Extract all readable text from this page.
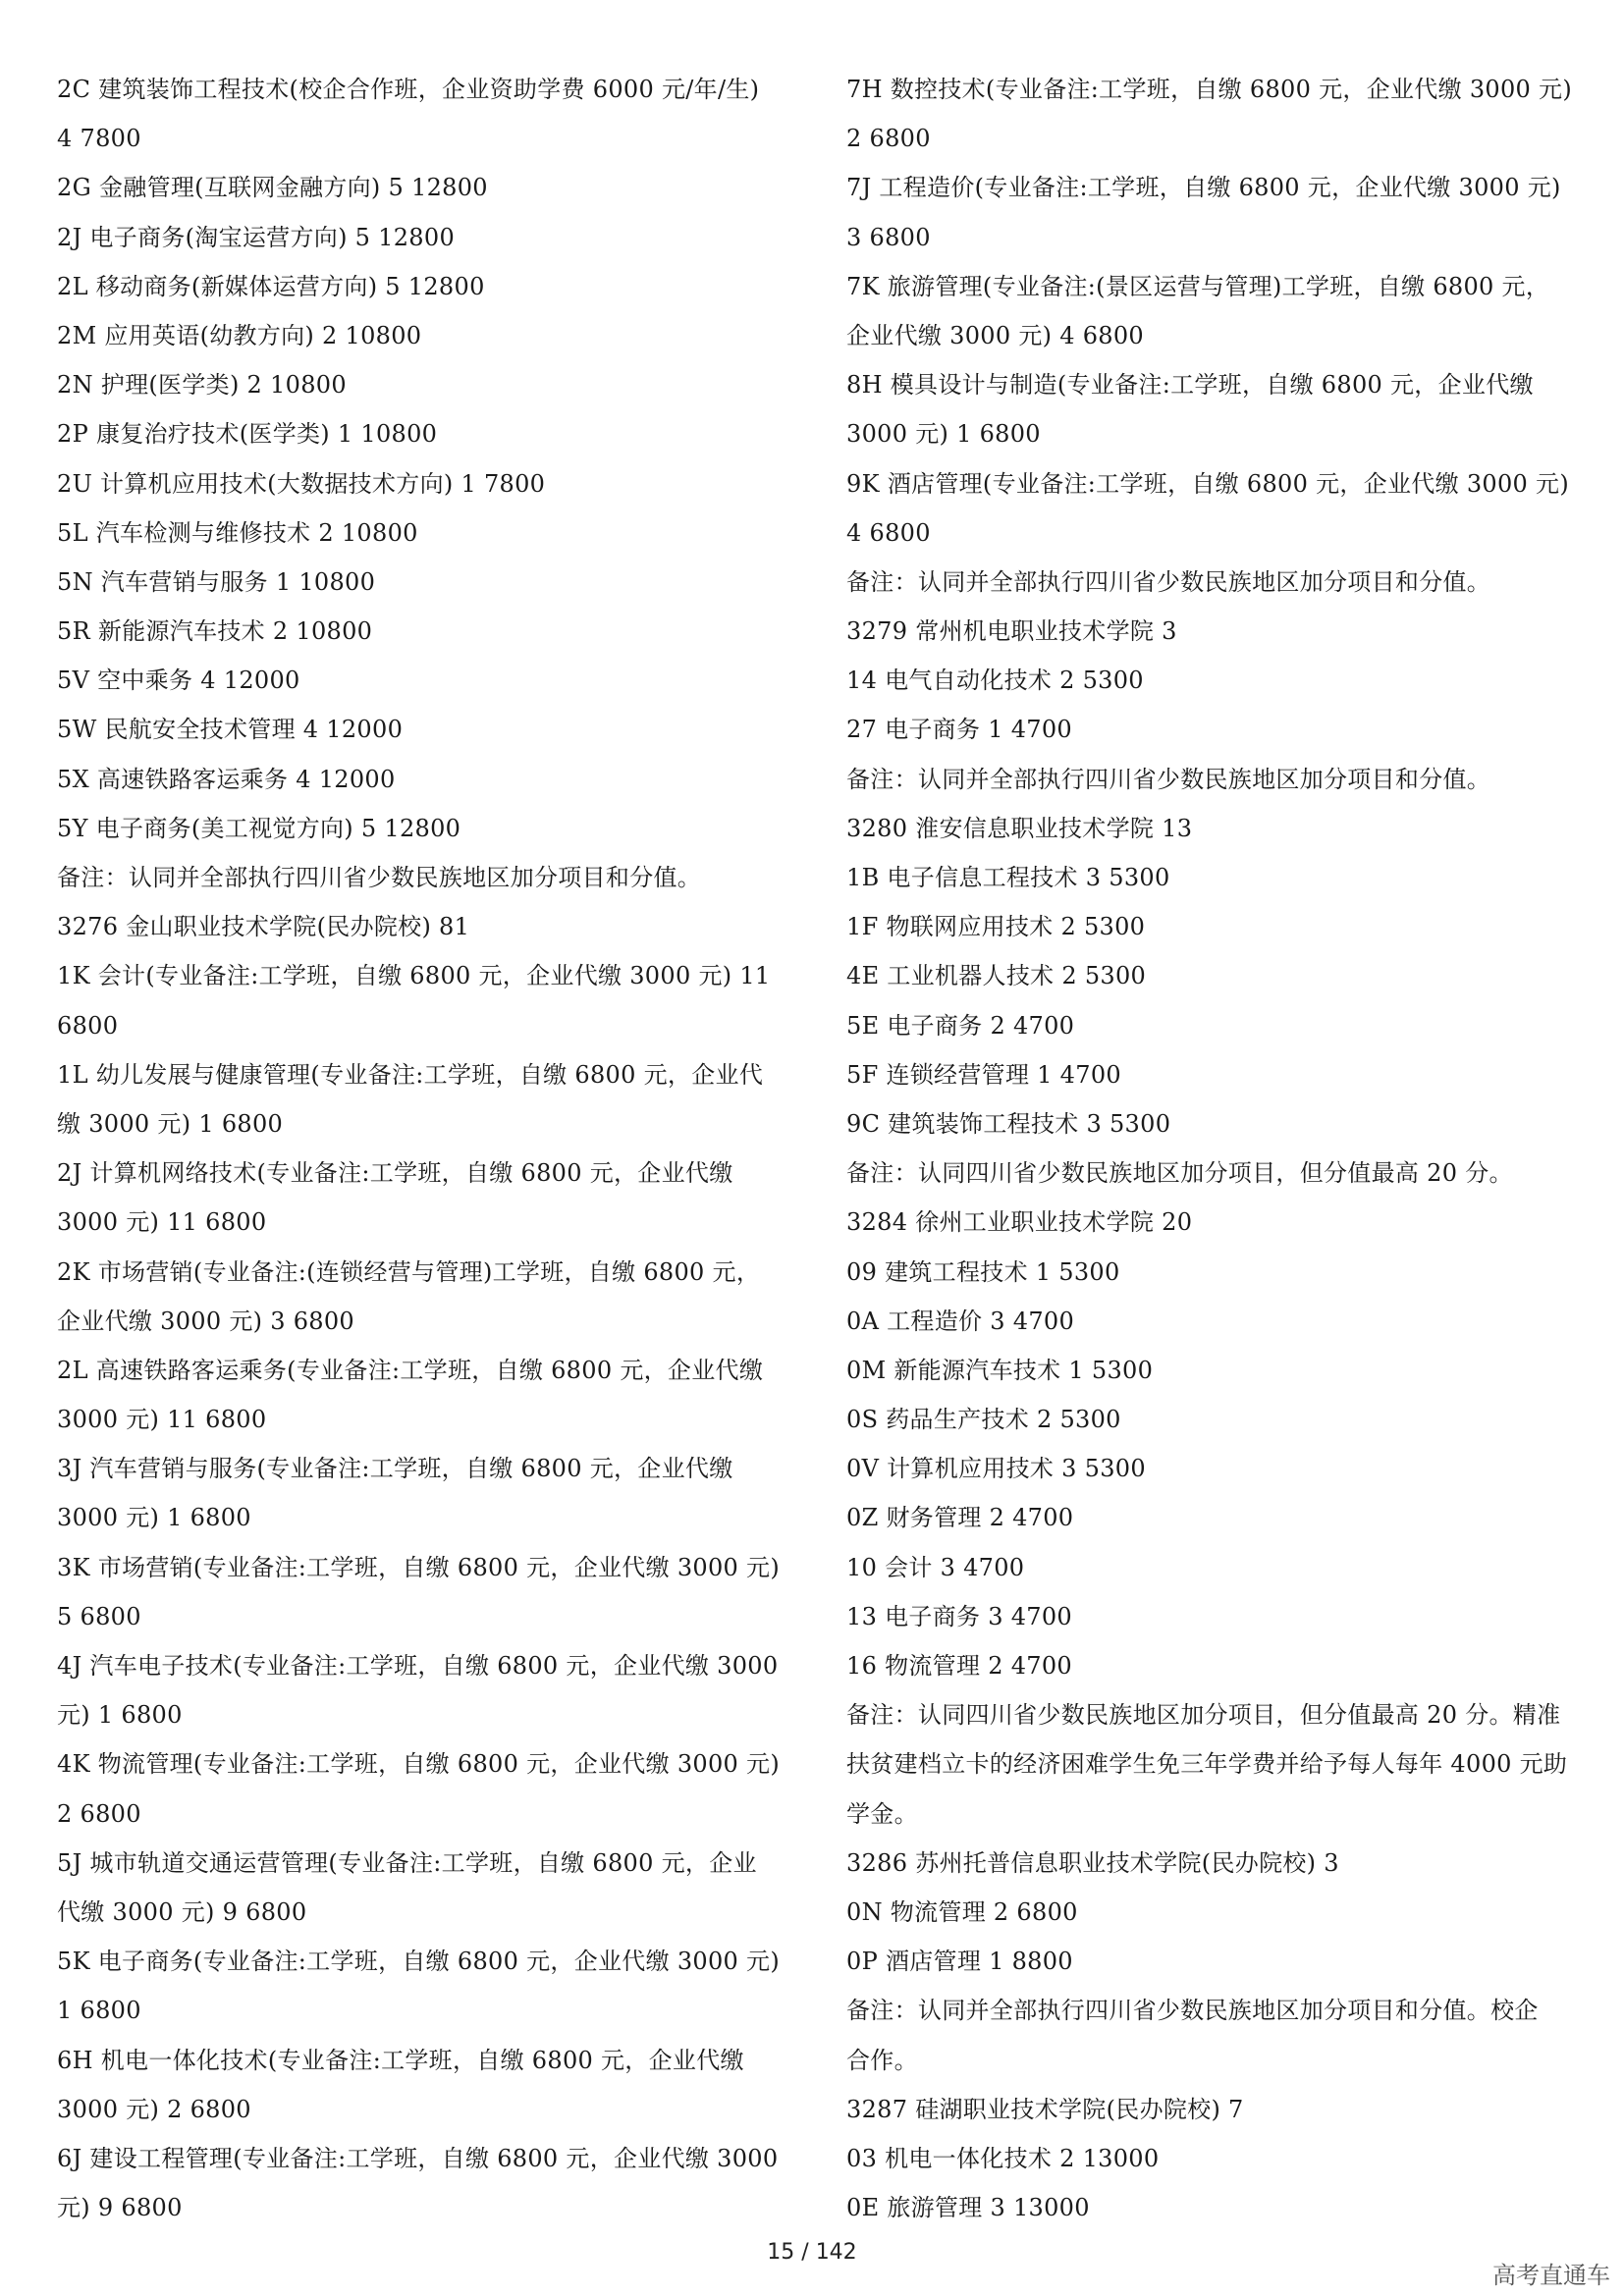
2C 建筑装饰工程技术(校企合作班，企业资助学费 6000 元/年/生)
4 7800
2G 金融管理(互联网金融方向) 5 12800
2J 电子商务(淘宝运营方向) 5 12800
2L 移动商务(新媒体运营方向) 5 12800
2M 应用英语(幼教方向) 2 10800
2N 护理(医学类) 2 10800
2P 康复治疗技术(医学类) 1 10800
2U 计算机应用技术(大数据技术方向) 1 7800
5L 汽车检测与维修技术 2 10800
5N 汽车营销与服务 1 10800
5R 新能源汽车技术 2 10800
5V 空中乘务 4 12000
5W 民航安全技术管理 4 12000
5X 高速铁路客运乘务 4 12000
5Y 电子商务(美工视觉方向) 5 12800
备注：认同并全部执行四川省少数民族地区加分项目和分值。
3276 金山职业技术学院(民办院校) 81
1K 会计(专业备注:工学班，自缴 6800 元，企业代缴 3000 元) 11
6800
1L 幼儿发展与健康管理(专业备注:工学班，自缴 6800 元，企业代
缴 3000 元) 1 6800
2J 计算机网络技术(专业备注:工学班，自缴 6800 元，企业代缴
3000 元) 11 6800
2K 市场营销(专业备注:(连锁经营与管理)工学班，自缴 6800 元，
企业代缴 3000 元) 3 6800
2L 高速铁路客运乘务(专业备注:工学班，自缴 6800 元，企业代缴
3000 元) 11 6800
3J 汽车营销与服务(专业备注:工学班，自缴 6800 元，企业代缴
3000 元) 1 6800
3K 市场营销(专业备注:工学班，自缴 6800 元，企业代缴 3000 元)
5 6800
4J 汽车电子技术(专业备注:工学班，自缴 6800 元，企业代缴 3000
元) 1 6800
4K 物流管理(专业备注:工学班，自缴 6800 元，企业代缴 3000 元)
2 6800
5J 城市轨道交通运营管理(专业备注:工学班，自缴 6800 元，企业
代缴 3000 元) 9 6800
5K 电子商务(专业备注:工学班，自缴 6800 元，企业代缴 3000 元)
1 6800
6H 机电一体化技术(专业备注:工学班，自缴 6800 元，企业代缴
3000 元) 2 6800
6J 建设工程管理(专业备注:工学班，自缴 6800 元，企业代缴 3000
元) 9 6800
7H 数控技术(专业备注:工学班，自缴 6800 元，企业代缴 3000 元)
2 6800
7J 工程造价(专业备注:工学班，自缴 6800 元，企业代缴 3000 元)
3 6800
7K 旅游管理(专业备注:(景区运营与管理)工学班，自缴 6800 元，
企业代缴 3000 元) 4 6800
8H 模具设计与制造(专业备注:工学班，自缴 6800 元，企业代缴
3000 元) 1 6800
9K 酒店管理(专业备注:工学班，自缴 6800 元，企业代缴 3000 元)
4 6800
备注：认同并全部执行四川省少数民族地区加分项目和分值。
3279 常州机电职业技术学院 3
14 电气自动化技术 2 5300
27 电子商务 1 4700
备注：认同并全部执行四川省少数民族地区加分项目和分值。
3280 淮安信息职业技术学院 13
1B 电子信息工程技术 3 5300
1F 物联网应用技术 2 5300
4E 工业机器人技术 2 5300
5E 电子商务 2 4700
5F 连锁经营管理 1 4700
9C 建筑装饰工程技术 3 5300
备注：认同四川省少数民族地区加分项目，但分值最高 20 分。
3284 徐州工业职业技术学院 20
09 建筑工程技术 1 5300
0A 工程造价 3 4700
0M 新能源汽车技术 1 5300
0S 药品生产技术 2 5300
0V 计算机应用技术 3 5300
0Z 财务管理 2 4700
10 会计 3 4700
13 电子商务 3 4700
16 物流管理 2 4700
备注：认同四川省少数民族地区加分项目，但分值最高 20 分。精准
扶贫建档立卡的经济困难学生免三年学费并给予每人每年 4000 元助
学金。
3286 苏州托普信息职业技术学院(民办院校) 3
0N 物流管理 2 6800
0P 酒店管理 1 8800
备注：认同并全部执行四川省少数民族地区加分项目和分值。校企
合作。
3287 硅湖职业技术学院(民办院校) 7
03 机电一体化技术 2 13000
0E 旅游管理 3 13000
15 / 142
高考直通车
